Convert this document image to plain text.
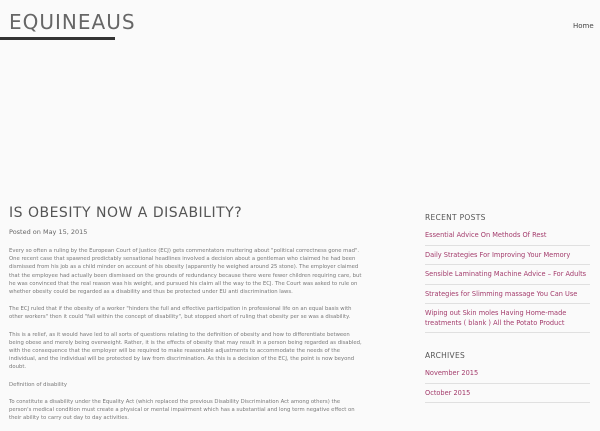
EQUINEAUS	Home
IS OBESITY NOW A DISABILITY?
Posted on May 15, 2015

Every so often a ruling by the European Court of Justice (ECJ) gets commentators muttering about "political correctness gone mad". One recent case that spawned predictably sensational headlines involved a decision about a gentleman who claimed he had been dismissed from his job as a child minder on account of his obesity (apparently he weighed around 25 stone). The employer claimed that the employee had actually been dismissed on the grounds of redundancy because there were fewer children requiring care, but he was convinced that the real reason was his weight, and pursued his claim all the way to the ECJ. The Court was asked to rule on whether obesity could be regarded as a disability and thus be protected under EU anti discrimination laws.

The ECJ ruled that if the obesity of a worker "hinders the full and effective participation in professional life on an equal basis with other workers" then it could "fall within the concept of disability", but stopped short of ruling that obesity per se was a disability.

This is a relief, as it would have led to all sorts of questions relating to the definition of obesity and how to differentiate between being obese and merely being overweight. Rather, it is the effects of obesity that may result in a person being regarded as disabled, with the consequence that the employer will be required to make reasonable adjustments to accommodate the needs of the individual, and the individual will be protected by law from discrimination. As this is a decision of the ECJ, the point is now beyond doubt.

Definition of disability

To constitute a disability under the Equality Act (which replaced the previous Disability Discrimination Act among others) the person's medical condition must create a physical or mental impairment which has a substantial and long term negative effect on their ability to carry out day to day activities.

RECENT POSTS
Essential Advice On Methods Of Rest
Daily Strategies For Improving Your Memory
Sensible Laminating Machine Advice – For Adults
Strategies for Slimming massage You Can Use
Wiping out Skin moles Having Home-made treatments ( blank ) All the Potato Product
ARCHIVES
November 2015
October 2015
